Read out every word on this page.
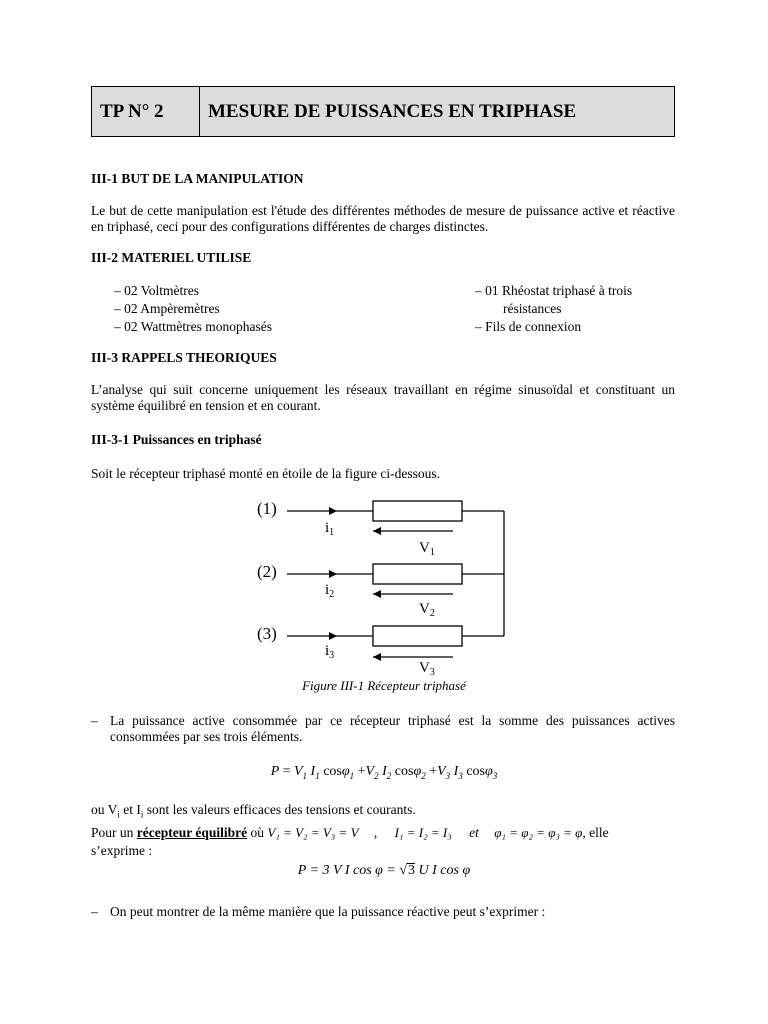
TP N° 2	MESURE DE PUISSANCES EN TRIPHASE
III-1 BUT DE LA MANIPULATION
Le but de cette manipulation est l'étude des différentes méthodes de mesure de puissance active et réactive en triphasé, ceci pour des configurations différentes de charges distinctes.
III-2 MATERIEL UTILISE
– 02 Voltmètres
– 02 Ampèremètres
– 02 Wattmètres monophasés
– 01 Rhéostat triphasé à trois
résistances
– Fils de connexion
III-3 RAPPELS THEORIQUES
L’analyse qui suit concerne uniquement les réseaux travaillant en régime sinusoïdal et constituant un système équilibré en tension et en courant.
III-3-1 Puissances en triphasé
Soit le récepteur triphasé monté en étoile de la figure ci-dessous.
(1)
(2)
(3)
$i_1$
$i_2$
$i_3$
$V_1$
$V_2$
$V_3$
Figure III-1 Récepteur triphasé
– La puissance active consommée par ce récepteur triphasé est la somme des puissances actives consommées par ses trois éléments.
$P = V_1$ $I_1$ $\cos\varphi_1 +V_2$ $I_2$ $\cos\varphi_2 +V_3$ $I_3$ cosφ$_3$
ou $V_i$ et $I_i$ sont les valeurs efficaces des tensions et courants.
Pour un récepteur équilibré où V₁ = V₂ = V₃ = V , I₁ = I₂ = I₃ et φ₁ = φ₂ = φ₃ = φ, elle
s’exprime :
P = 3 V I cos φ = √3 U I cos φ
– On peut montrer de la même manière que la puissance réactive peut s’exprimer :
